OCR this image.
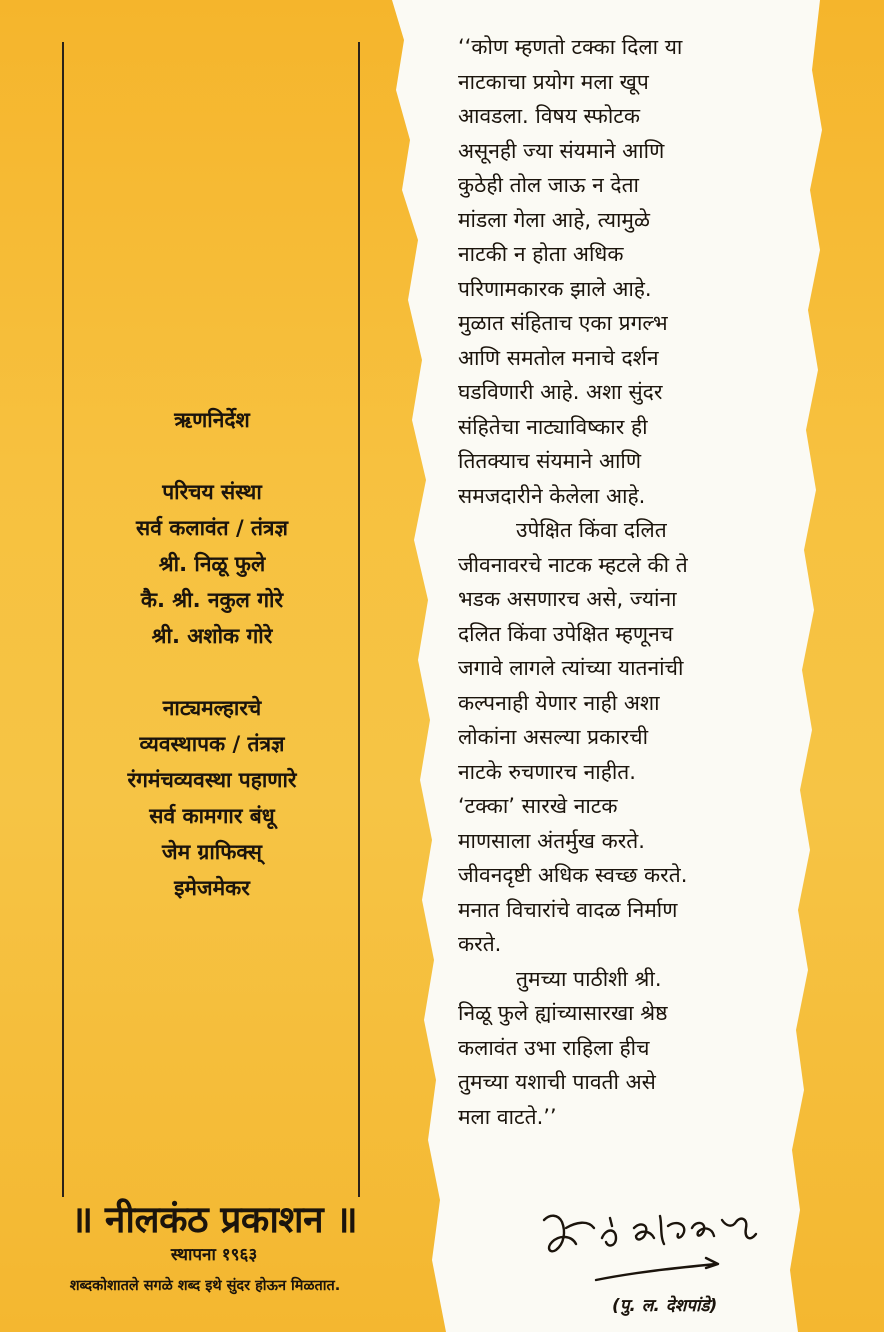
ऋणनिर्देश
परिचय संस्था
सर्व कलावंत / तंत्रज्ञ
श्री. निळू फुले
कै. श्री. नकुल गोरे
श्री. अशोक गोरे
नाट्यमल्हारचे
व्यवस्थापक / तंत्रज्ञ
रंगमंचव्यवस्था पहाणारे
सर्व कामगार बंधू
जेम ग्राफिक्स्
इमेजमेकर
॥ नीलकंठ प्रकाशन ॥
स्थापना १९६३
शब्दकोशातले सगळे शब्द इथे सुंदर होऊन मिळतात.
‘‘कोण म्हणतो टक्का दिला या
नाटकाचा प्रयोग मला खूप
आवडला. विषय स्फोटक
असूनही ज्या संयमाने आणि
कुठेही तोल जाऊ न देता
मांडला गेला आहे, त्यामुळे
नाटकी न होता अधिक
परिणामकारक झाले आहे.
मुळात संहिताच एका प्रगल्भ
आणि समतोल मनाचे दर्शन
घडविणारी आहे. अशा सुंदर
संहितेचा नाट्याविष्कार ही
तितक्याच संयमाने आणि
समजदारीने केलेला आहे.
उपेक्षित किंवा दलित
जीवनावरचे नाटक म्हटले की ते
भडक असणारच असे, ज्यांना
दलित किंवा उपेक्षित म्हणूनच
जगावे लागले त्यांच्या यातनांची
कल्पनाही येणार नाही अशा
लोकांना असल्या प्रकारची
नाटके रुचणारच नाहीत.
‘टक्का’ सारखे नाटक
माणसाला अंतर्मुख करते.
जीवनदृष्टी अधिक स्वच्छ करते.
मनात विचारांचे वादळ निर्माण
करते.
तुमच्या पाठीशी श्री.
निळू फुले ह्यांच्यासारखा श्रेष्ठ
कलावंत उभा राहिला हीच
तुमच्या यशाची पावती असे
मला वाटते.’’
(पु. ल. देशपांडे)
